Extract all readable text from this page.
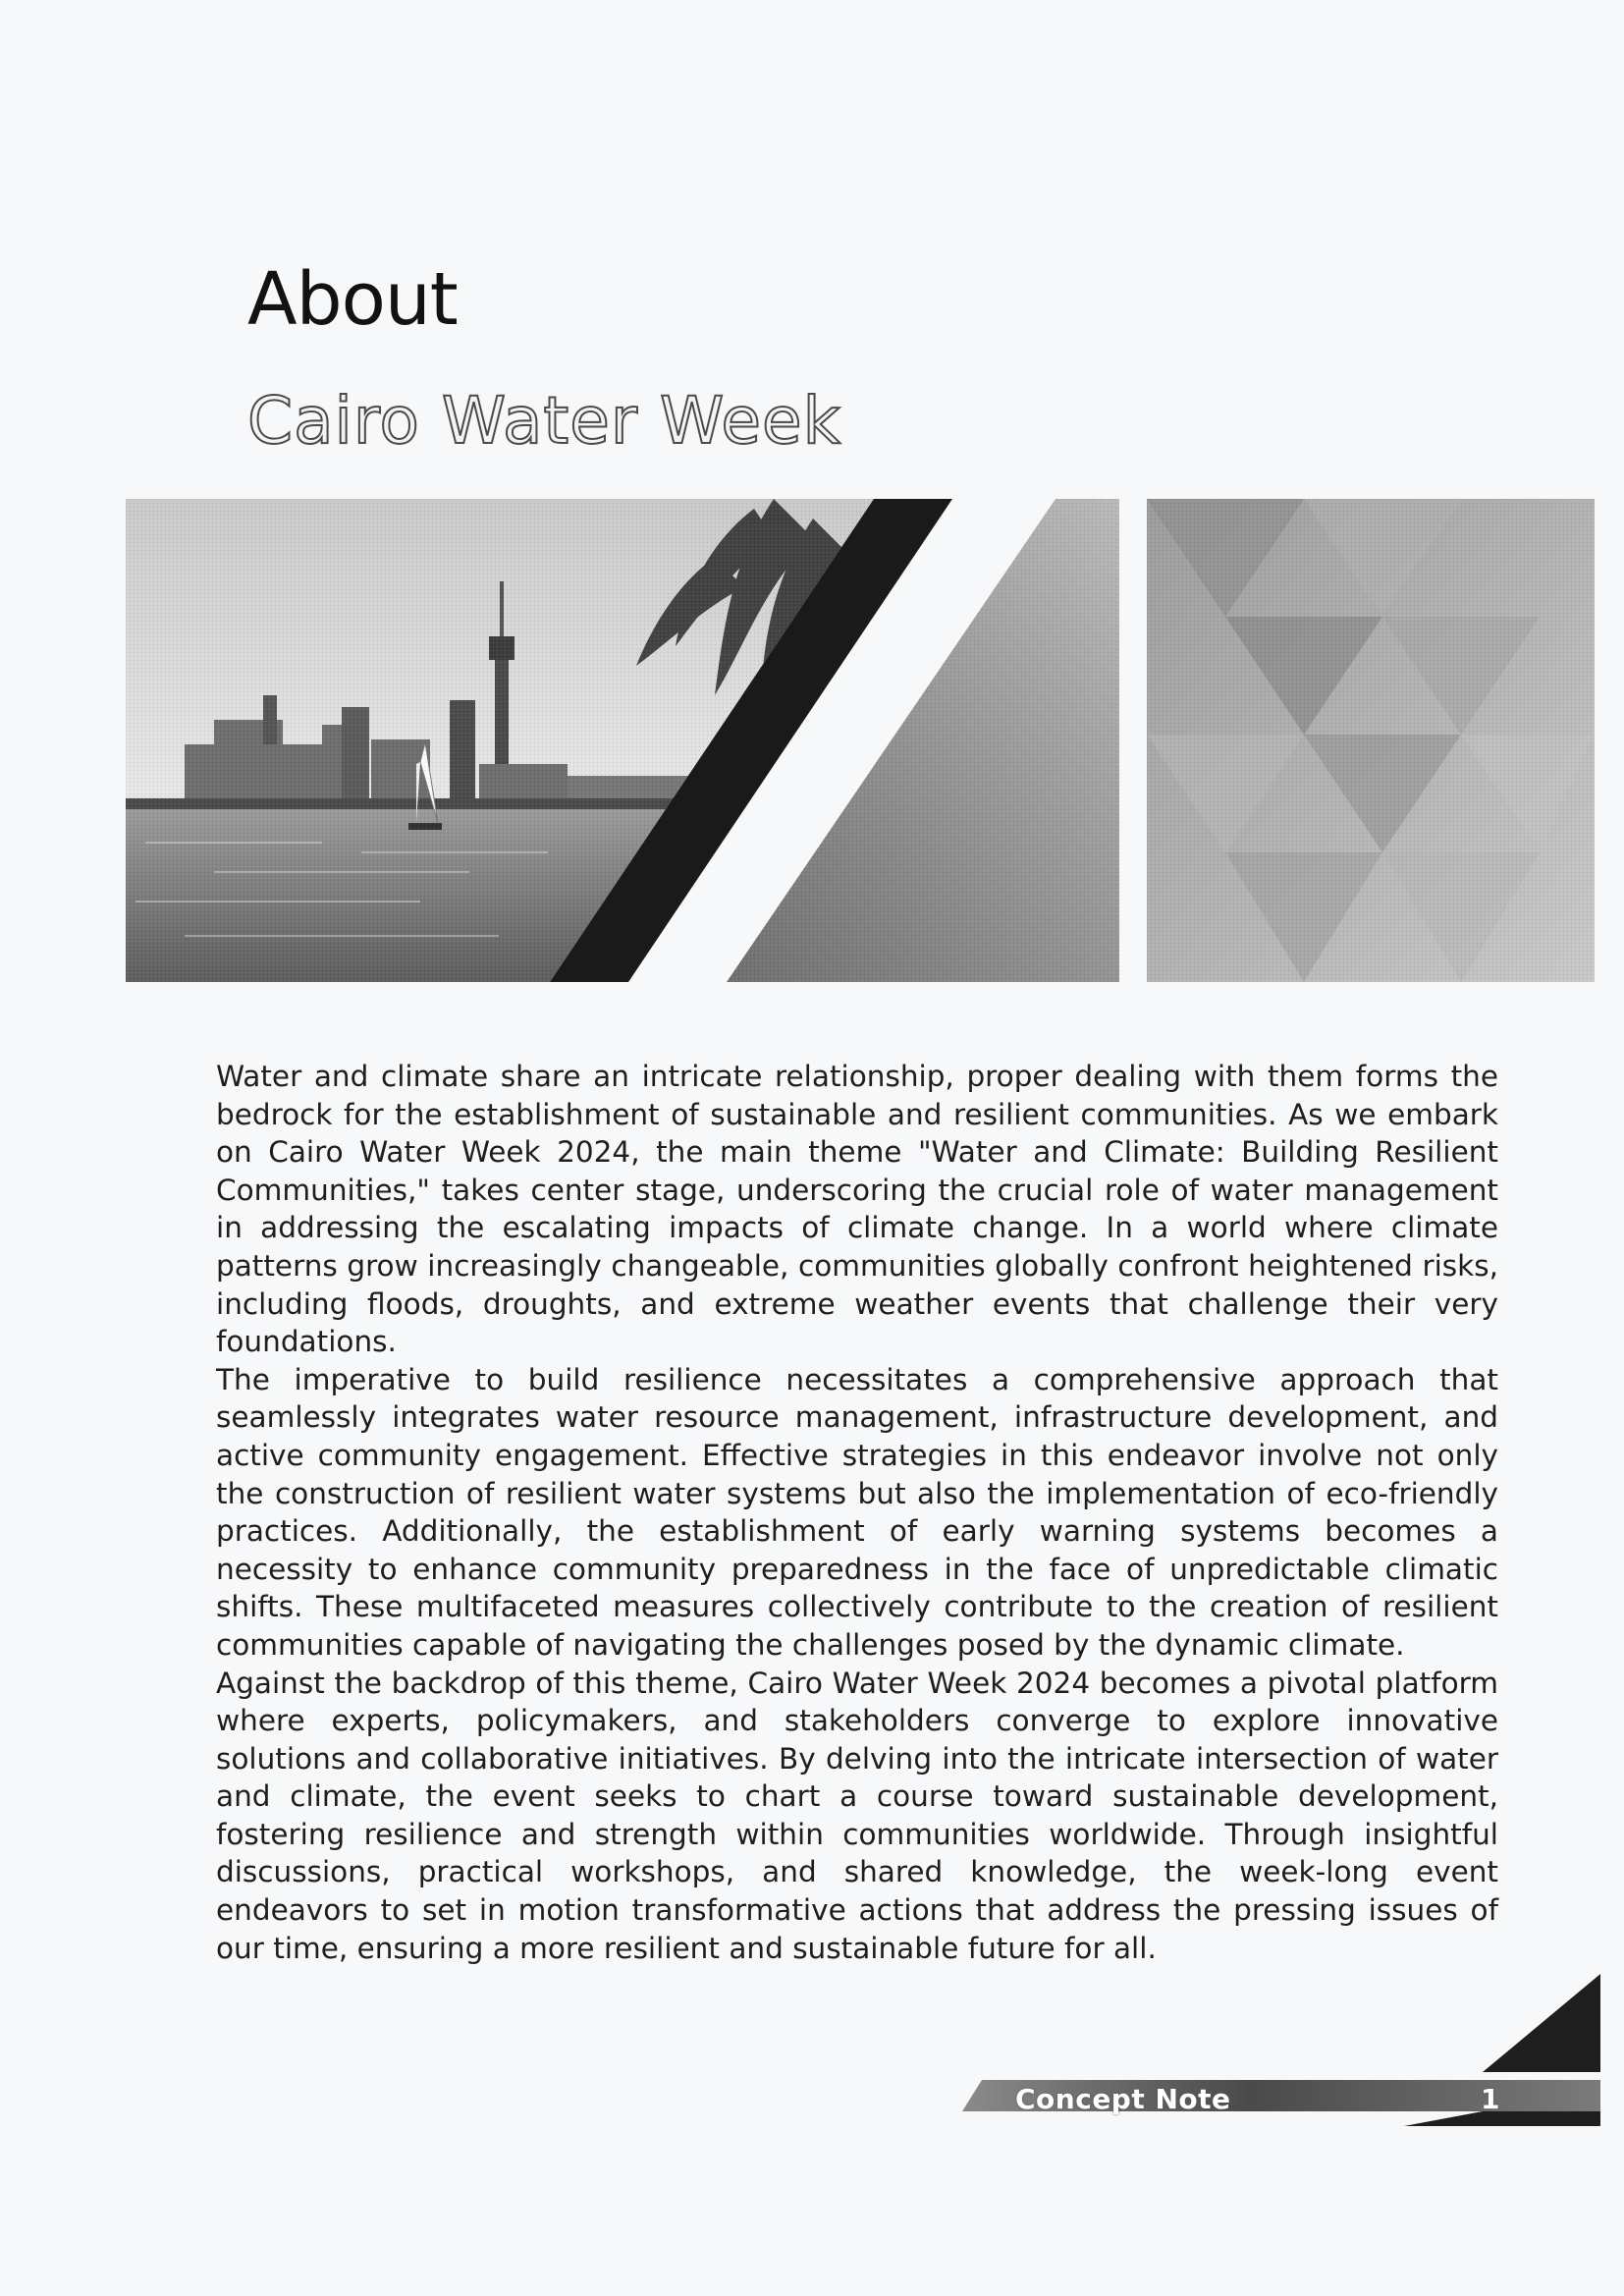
About
Cairo Water Week

Water and climate share an intricate relationship, proper dealing with them forms the bedrock for the establishment of sustainable and resilient communities. As we embark on Cairo Water Week 2024, the main theme "Water and Climate: Building Resilient Communities," takes center stage, underscoring the crucial role of water management in addressing the escalating impacts of climate change. In a world where climate patterns grow increasingly changeable, communities globally confront heightened risks, including floods, droughts, and extreme weather events that challenge their very foundations.

The imperative to build resilience necessitates a comprehensive approach that seamlessly integrates water resource management, infrastructure development, and active community engagement. Effective strategies in this endeavor involve not only the construction of resilient water systems but also the implementation of eco-friendly practices. Additionally, the establishment of early warning systems becomes a necessity to enhance community preparedness in the face of unpredictable climatic shifts. These multifaceted measures collectively contribute to the creation of resilient communities capable of navigating the challenges posed by the dynamic climate.

Against the backdrop of this theme, Cairo Water Week 2024 becomes a pivotal platform where experts, policymakers, and stakeholders converge to explore innovative solutions and collaborative initiatives. By delving into the intricate intersection of water and climate, the event seeks to chart a course toward sustainable development, fostering resilience and strength within communities worldwide. Through insightful discussions, practical workshops, and shared knowledge, the week-long event endeavors to set in motion transformative actions that address the pressing issues of our time, ensuring a more resilient and sustainable future for all.

Concept Note	1
